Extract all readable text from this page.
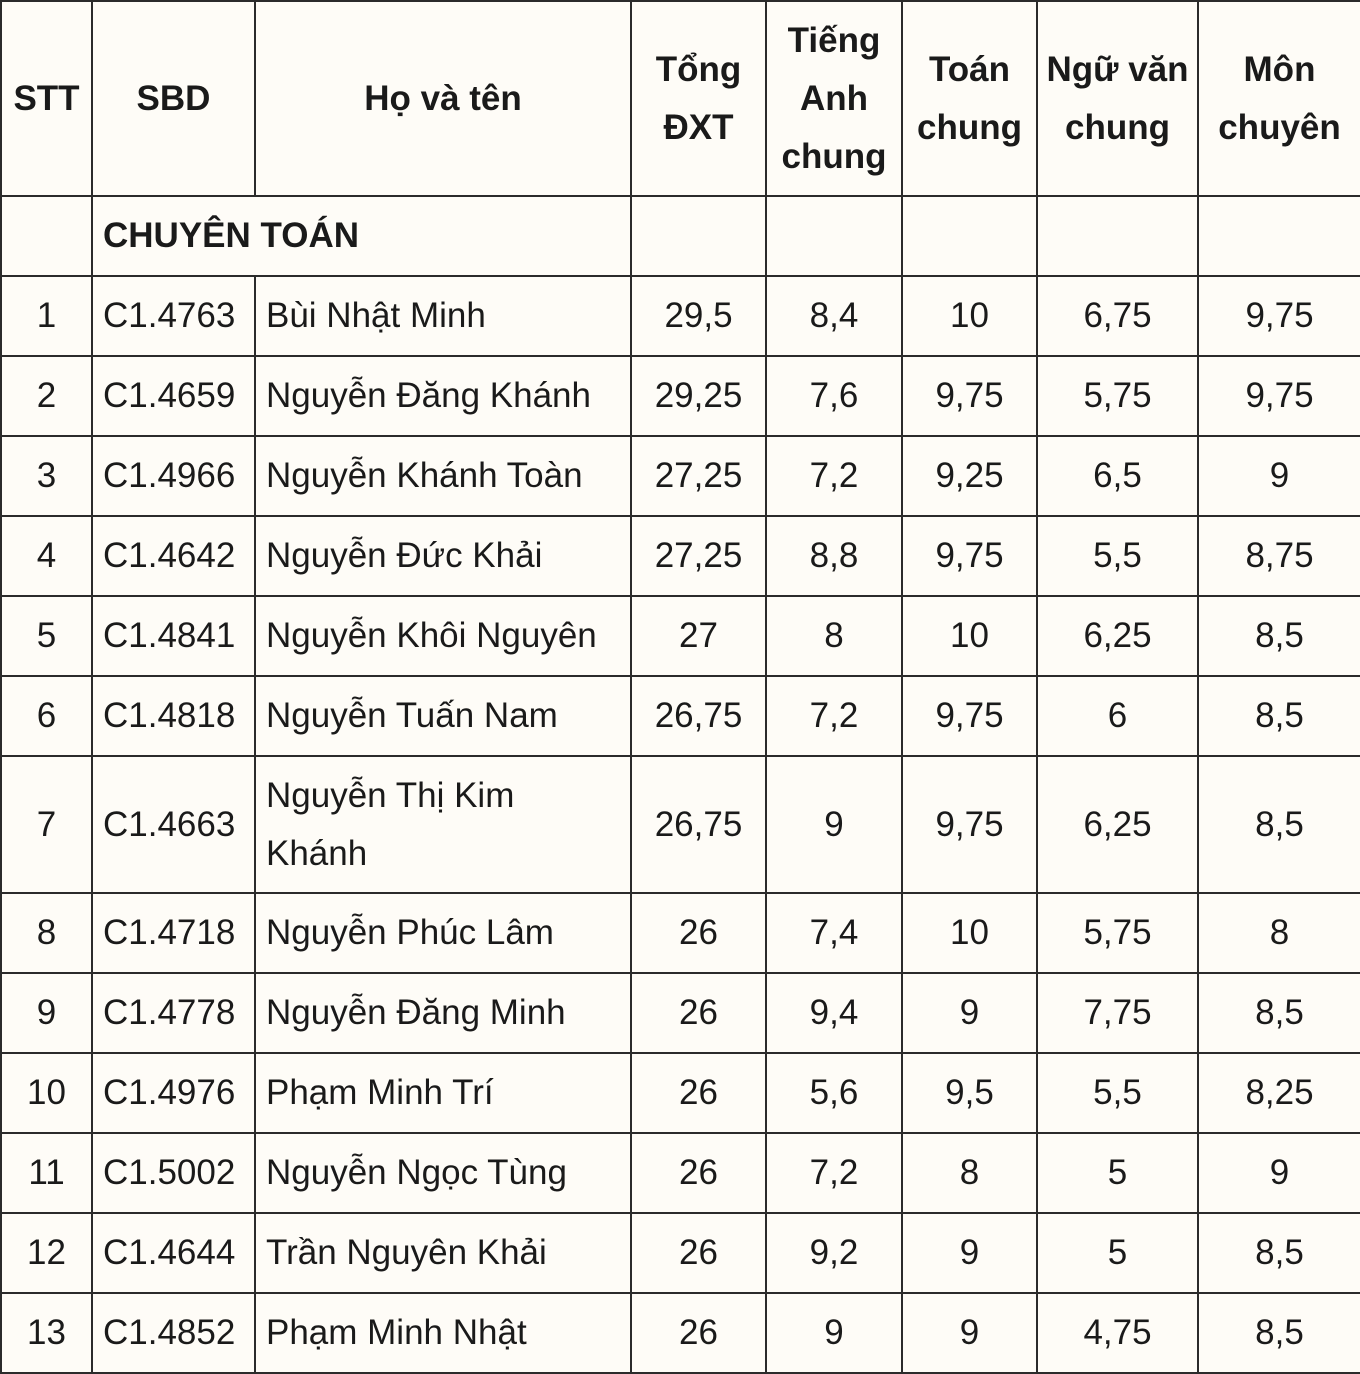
STT	SBD	Họ và tên	Tổng ĐXT	Tiếng Anh chung	Toán chung	Ngữ văn chung	Môn chuyên
	CHUYÊN TOÁN						
1	C1.4763	Bùi Nhật Minh	29,5	8,4	10	6,75	9,75
2	C1.4659	Nguyễn Đăng Khánh	29,25	7,6	9,75	5,75	9,75
3	C1.4966	Nguyễn Khánh Toàn	27,25	7,2	9,25	6,5	9
4	C1.4642	Nguyễn Đức Khải	27,25	8,8	9,75	5,5	8,75
5	C1.4841	Nguyễn Khôi Nguyên	27	8	10	6,25	8,5
6	C1.4818	Nguyễn Tuấn Nam	26,75	7,2	9,75	6	8,5
7	C1.4663	Nguyễn Thị Kim Khánh	26,75	9	9,75	6,25	8,5
8	C1.4718	Nguyễn Phúc Lâm	26	7,4	10	5,75	8
9	C1.4778	Nguyễn Đăng Minh	26	9,4	9	7,75	8,5
10	C1.4976	Phạm Minh Trí	26	5,6	9,5	5,5	8,25
11	C1.5002	Nguyễn Ngọc Tùng	26	7,2	8	5	9
12	C1.4644	Trần Nguyên Khải	26	9,2	9	5	8,5
13	C1.4852	Phạm Minh Nhật	26	9	9	4,75	8,5
